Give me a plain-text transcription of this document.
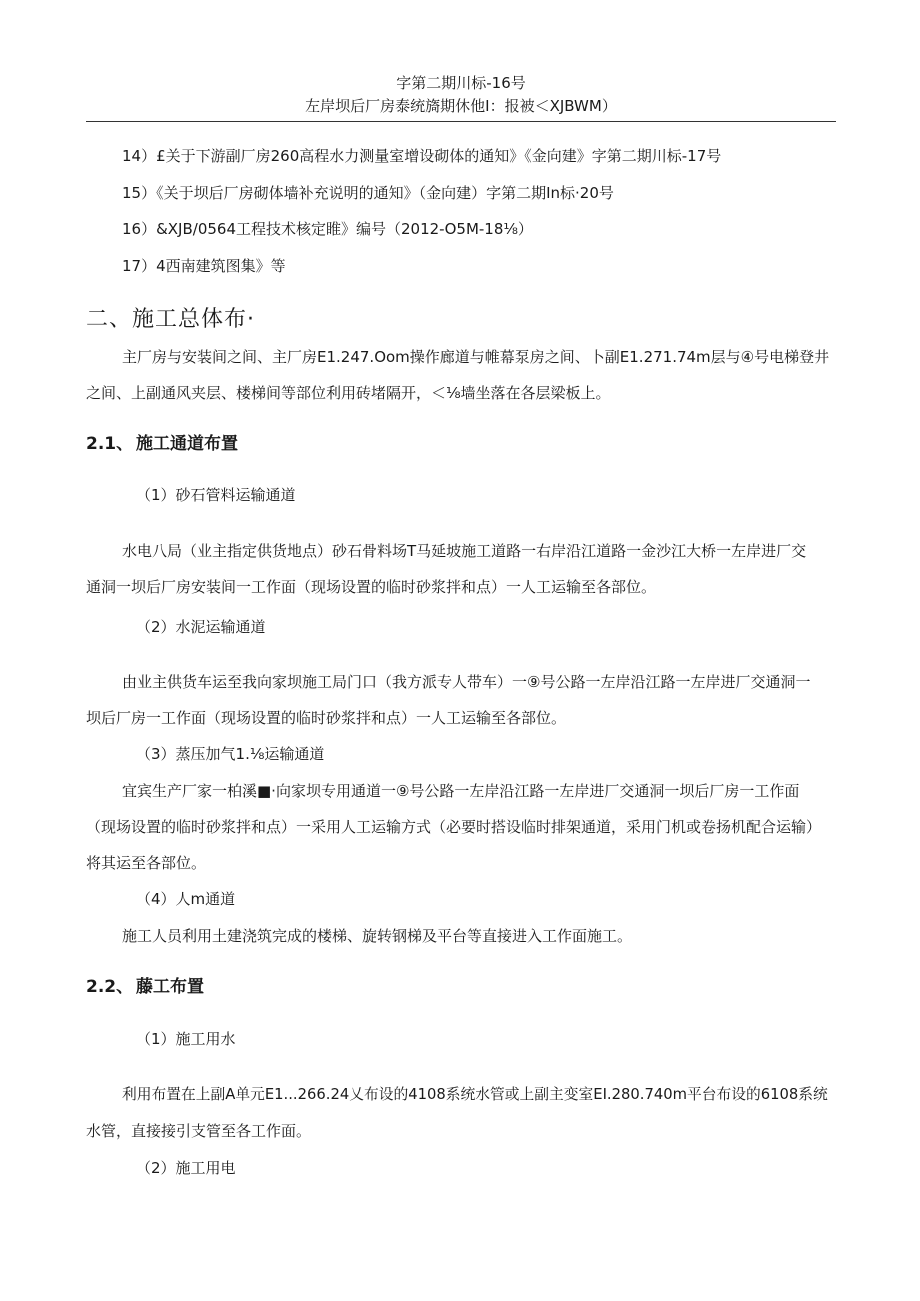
字第二期川标-16号
左岸坝后厂房泰统旖期休他I：报被＜XJBWM）
14）£关于下游副厂房260高程水力测量室增设砌体的通知》《金向建》字第二期川标-17号
15）《关于坝后厂房砌体墙补充说明的通知》（金向建）字第二期In标·20号
16）&XJB/0564工程技术核定睢》编号（2012-O5M-18⅛）
17）4西南建筑图集》等
二、施工总体布·
主厂房与安装间之间、主厂房E1.247.Oom操作廊道与帷幕泵房之间、卜副E1.271.74m层与④号电梯登井
之间、上副通风夹层、楼梯间等部位利用砖堵隔开，＜⅛墙坐落在各层梁板上。
2.1、 施工通道布置
（1）砂石管料运输通道
水电八局（业主指定供货地点）砂石骨料场T马延坡施工道路一右岸沿江道路一金沙江大桥一左岸进厂交
通洞一坝后厂房安装间一工作面（现场设置的临时砂浆拌和点）一人工运输至各部位。
（2）水泥运输通道
由业主供货车运至我向家坝施工局门口（我方派专人带车）一⑨号公路一左岸沿江路一左岸进厂交通洞一
坝后厂房一工作面（现场设置的临时砂浆拌和点）一人工运输至各部位。
（3）蒸压加气1.⅛运输通道
宜宾生产厂家一柏溪■·向家坝专用通道一⑨号公路一左岸沿江路一左岸进厂交通洞一坝后厂房一工作面
（现场设置的临时砂浆拌和点）一采用人工运输方式（必要时搭设临时排架通道，采用门机或卷扬机配合运输）
将其运至各部位。
（4）人m通道
施工人员利用土建浇筑完成的楼梯、旋转钢梯及平台等直接进入工作面施工。
2.2、 藤工布置
（1）施工用水
利用布置在上副A单元E1...266.24乂布设的4108系统水管或上副主变室EI.280.740m平台布设的6108系统
水管，直接接引支管至各工作面。
（2）施工用电
